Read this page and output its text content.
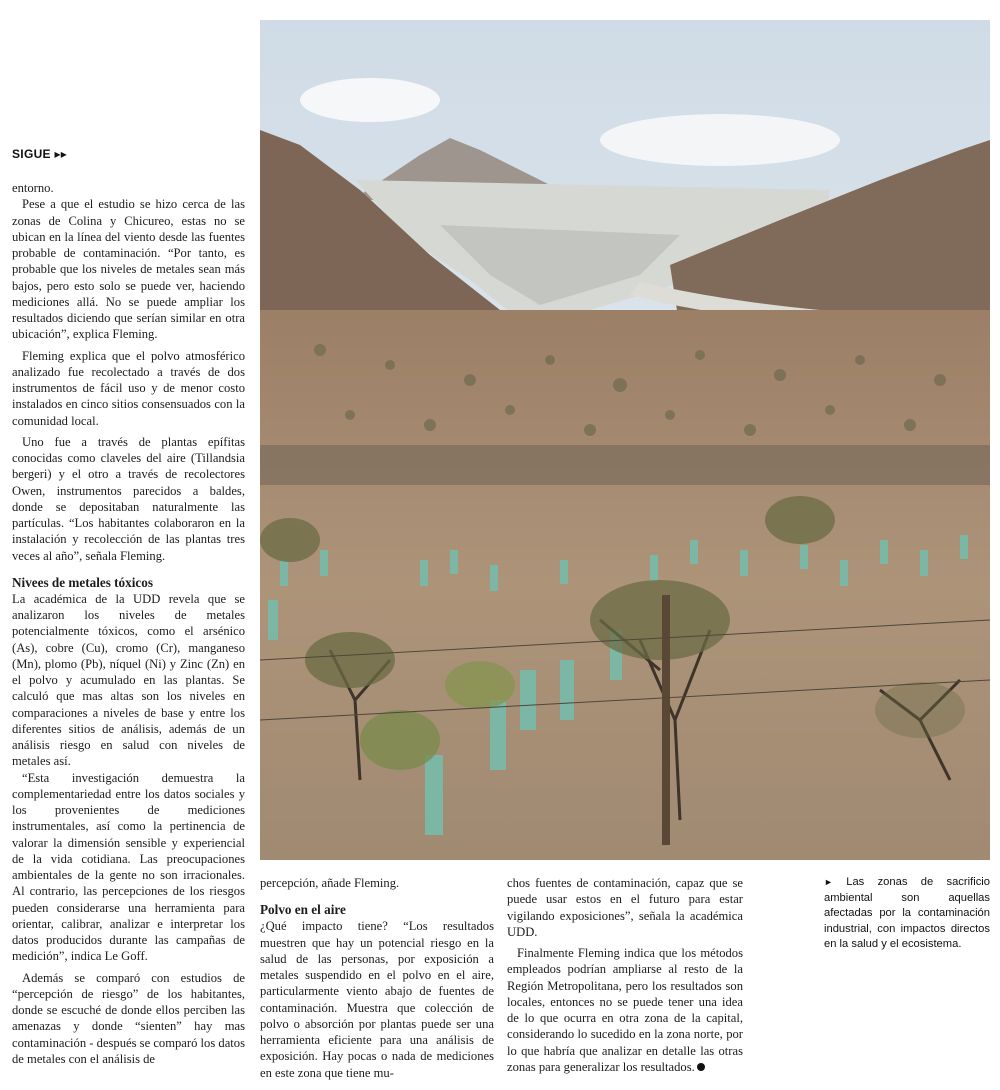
SIGUE ▸▸

entorno.

Pese a que el estudio se hizo cerca de las zonas de Colina y Chicureo, estas no se ubican en la línea del viento desde las fuentes probable de contaminación. “Por tanto, es probable que los niveles de metales sean más bajos, pero esto solo se puede ver, haciendo mediciones allá. No se puede ampliar los resultados diciendo que serían similar en otra ubicación”, explica Fleming.

Fleming explica que el polvo atmosférico analizado fue recolectado a través de dos instrumentos de fácil uso y de menor costo instalados en cinco sitios consensuados con la comunidad local.

Uno fue a través de plantas epífitas conocidas como claveles del aire (Tillandsia bergeri) y el otro a través de recolectores Owen, instrumentos parecidos a baldes, donde se depositaban naturalmente las partículas. “Los habitantes colaboraron en la instalación y recolección de las plantas tres veces al año”, señala Fleming.

Nivees de metales tóxicos

La académica de la UDD revela que se analizaron los niveles de metales potencialmente tóxicos, como el arsénico (As), cobre (Cu), cromo (Cr), manganeso (Mn), plomo (Pb), níquel (Ni) y Zinc (Zn) en el polvo y acumulado en las plantas. Se calculó que mas altas son los niveles en comparaciones a niveles de base y entre los diferentes sitios de análisis, además de un análisis riesgo en salud con niveles de metales así.

“Esta investigación demuestra la complementariedad entre los datos sociales y los provenientes de mediciones instrumentales, así como la pertinencia de valorar la dimensión sensible y experiencial de la vida cotidiana. Las preocupaciones ambientales de la gente no son irracionales. Al contrario, las percepciones de los riesgos pueden considerarse una herramienta para orientar, calibrar, analizar e interpretar los datos producidos durante las campañas de medición”, indica Le Goff.

Además se comparó con estudios de “percepción de riesgo” de los habitantes, donde se escuché de donde ellos perciben las amenazas y donde “sienten” hay mas contaminación - después se comparó los datos de metales con el análisis de

percepción, añade Fleming.

Polvo en el aire

¿Qué impacto tiene? “Los resultados muestren que hay un potencial riesgo en la salud de las personas, por exposición a metales suspendido en el polvo en el aire, particularmente viento abajo de fuentes de contaminación. Muestra que colección de polvo o absorción por plantas puede ser una herramienta eficiente para una análisis de exposición. Hay pocas o nada de mediciones en este zona que tiene mu-

chos fuentes de contaminación, capaz que se puede usar estos en el futuro para estar vigilando exposiciones”, señala la académica UDD.

Finalmente Fleming indica que los métodos empleados podrían ampliarse al resto de la Región Metropolitana, pero los resultados son locales, entonces no se puede tener una idea de lo que ocurra en otra zona de la capital, considerando lo sucedido en la zona norte, por lo que habría que analizar en detalle las otras zonas para generalizar los resultados.

► Las zonas de sacrificio ambiental son aquellas afectadas por la contaminación industrial, con impactos directos en la salud y el ecosistema.
